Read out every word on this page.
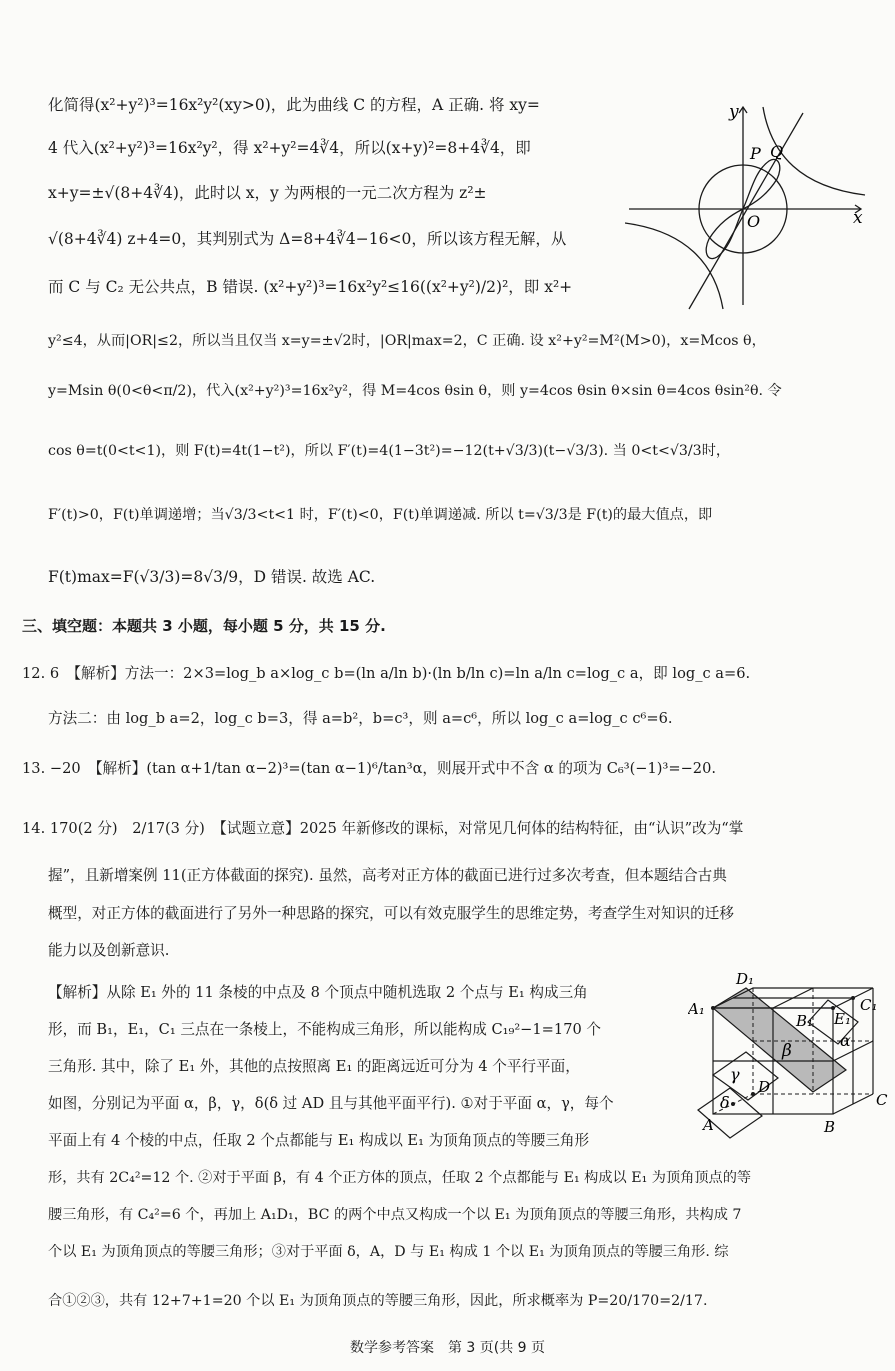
化简得(x²+y²)³=16x²y²(xy>0)，此为曲线 C 的方程，A 正确. 将 xy=
4 代入(x²+y²)³=16x²y²，得 x²+y²=4∛4，所以(x+y)²=8+4∛4，即
x+y=±√(8+4∛4)，此时以 x，y 为两根的一元二次方程为 z²±
√(8+4∛4) z+4=0，其判别式为 Δ=8+4∛4−16<0，所以该方程无解，从
而 C 与 C₂ 无公共点，B 错误. (x²+y²)³=16x²y²≤16((x²+y²)/2)²，即 x²+
y²≤4，从而|OR|≤2，所以当且仅当 x=y=±√2时，|OR|max=2，C 正确. 设 x²+y²=M²(M>0)，x=Mcos θ，
y=Msin θ(0<θ<π/2)，代入(x²+y²)³=16x²y²，得 M=4cos θsin θ，则 y=4cos θsin θ×sin θ=4cos θsin²θ. 令
cos θ=t(0<t<1)，则 F(t)=4t(1−t²)，所以 F′(t)=4(1−3t²)=−12(t+√3/3)(t−√3/3). 当 0<t<√3/3时，
F′(t)>0，F(t)单调递增；当√3/3<t<1 时，F′(t)<0，F(t)单调递减. 所以 t=√3/3是 F(t)的最大值点，即
F(t)max=F(√3/3)=8√3/9，D 错误. 故选 AC.
y
x
O
P Q
三、填空题：本题共 3 小题，每小题 5 分，共 15 分.
12. 6　【解析】方法一：2×3=log_b a×log_c b=(ln a/ln b)·(ln b/ln c)=ln a/ln c=log_c a，即 log_c a=6.
方法二：由 log_b a=2，log_c b=3，得 a=b²，b=c³，则 a=c⁶，所以 log_c a=log_c c⁶=6.
13. −20　【解析】(tan α+1/tan α−2)³=(tan α−1)⁶/tan³α，则展开式中不含 α 的项为 C₆³(−1)³=−20.
14. 170(2 分)　2/17(3 分)　【试题立意】2025 年新修改的课标，对常见几何体的结构特征，由“认识”改为“掌
握”，且新增案例 11(正方体截面的探究). 虽然，高考对正方体的截面已进行过多次考查，但本题结合古典
概型，对正方体的截面进行了另外一种思路的探究，可以有效克服学生的思维定势，考查学生对知识的迁移
能力以及创新意识.
【解析】从除 E₁ 外的 11 条棱的中点及 8 个顶点中随机选取 2 个点与 E₁ 构成三角
形，而 B₁，E₁，C₁ 三点在一条棱上，不能构成三角形，所以能构成 C₁₉²−1=170 个
三角形. 其中，除了 E₁ 外，其他的点按照离 E₁ 的距离远近可分为 4 个平行平面，
如图，分别记为平面 α，β，γ，δ(δ 过 AD 且与其他平面平行). ①对于平面 α，γ，每个
平面上有 4 个棱的中点，任取 2 个点都能与 E₁ 构成以 E₁ 为顶角顶点的等腰三角形
形，共有 2C₄²=12 个. ②对于平面 β，有 4 个正方体的顶点，任取 2 个点都能与 E₁ 构成以 E₁ 为顶角顶点的等
腰三角形，有 C₄²=6 个，再加上 A₁D₁，BC 的两个中点又构成一个以 E₁ 为顶角顶点的等腰三角形，共构成 7
个以 E₁ 为顶角顶点的等腰三角形；③对于平面 δ，A，D 与 E₁ 构成 1 个以 E₁ 为顶角顶点的等腰三角形. 综
合①②③，共有 12+7+1=20 个以 E₁ 为顶角顶点的等腰三角形，因此，所求概率为 P=20/170=2/17.
D₁
A₁	C₁
B₁ E₁
α
β
γ
D
δ	C
A	B
数学参考答案　第 3 页(共 9 页
